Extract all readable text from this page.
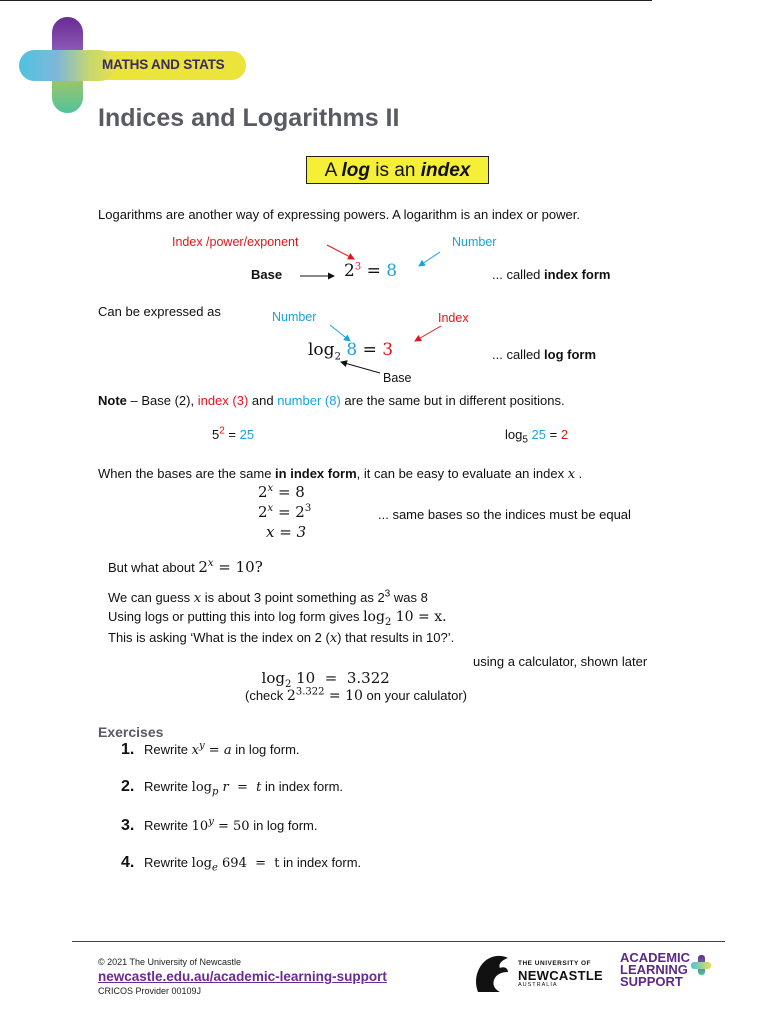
MATHS AND STATS
Indices and Logarithms II
A log is an index
Logarithms are another way of expressing powers. A logarithm is an index or power.
Index /power/exponent	Number
Base	$2^3 = 8$	... called index form
Can be expressed as	Number	Index
$\log_2 8 = 3$	... called log form
Base
Note – Base (2), index (3) and number (8) are the same but in different positions.
$5^2 = 25$	$\log_5 25 = 2$
When the bases are the same in index form, it can be easy to evaluate an index x .
$2^x = 8$
$2^x = 2^3$
x = 3
... same bases so the indices must be equal
But what about $2^x = 10$?
We can guess x is about 3 point something as $2^3$ was 8
Using logs or putting this into log form gives $\log_2 10 = x$.
This is asking ‘What is the index on 2 (x) that results in 10?’.

$\log_2 10 = 3.322$

using a calculator, shown later
(check $2^{3.322} = 10$ on your calulator)
Exercises
1. Rewrite $x^y = a$ in log form.
2. Rewrite $\log_p r = t$ in index form.
3. Rewrite $10^y = 50$ in log form.
4. Rewrite $\log_e 694 = t$ in index form.
© 2021 The University of Newcastle
newcastle.edu.au/academic-learning-support
CRICOS Provider 00109J
THE UNIVERSITY OF
NEWCASTLE
AUSTRALIA
ACADEMIC
LEARNING
SUPPORT
